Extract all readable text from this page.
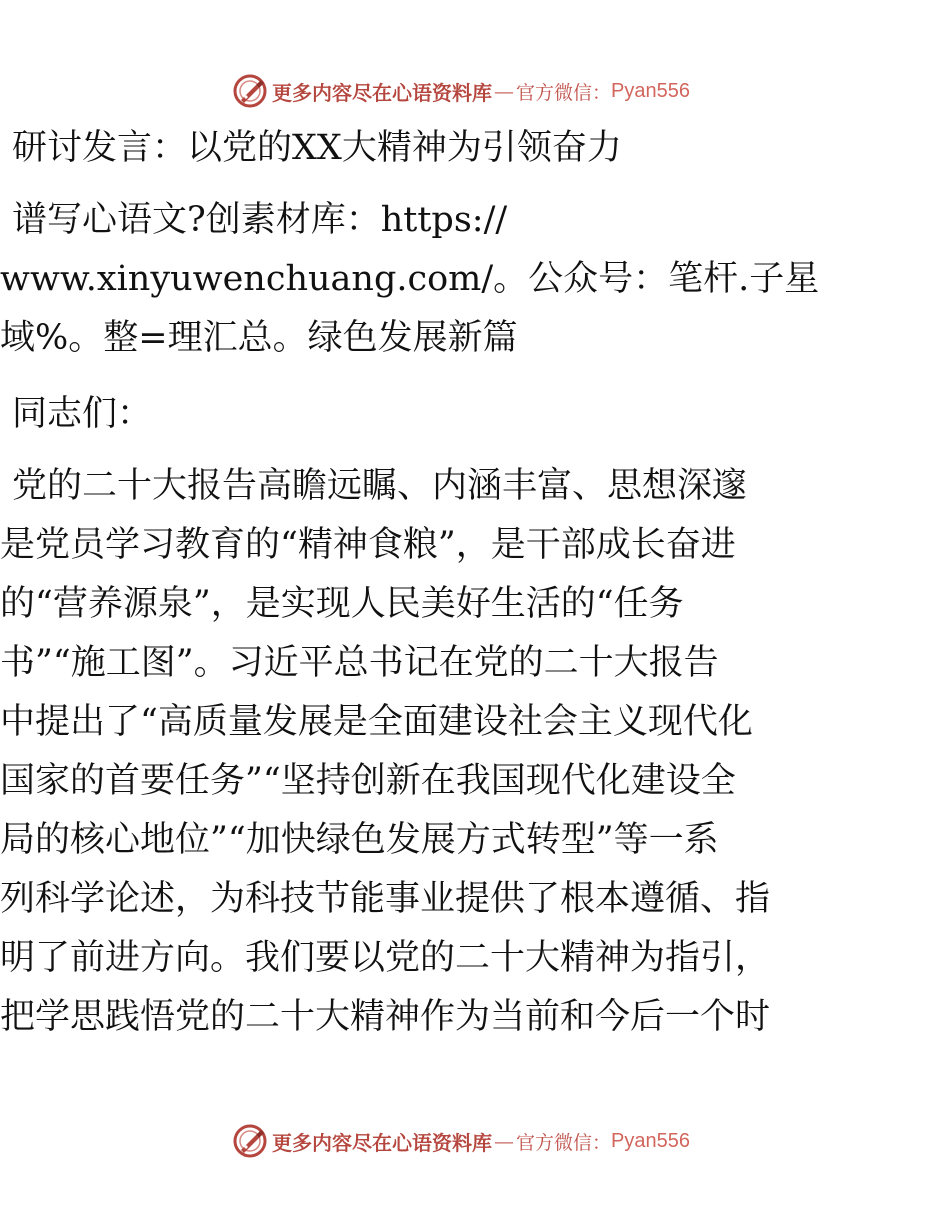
更多内容尽在心语资料库 — 官方微信： Pyan556
研讨发言：以党的XX大精神为引领奋力
谱写心语文?创素材库：https://
www.xinyuwenchuang.com/。公众号：笔杆.子星
域%。整=理汇总。绿色发展新篇
同志们：
党的二十大报告高瞻远瞩、内涵丰富、思想深邃
是党员学习教育的“精神食粮”，是干部成长奋进
的“营养源泉”，是实现人民美好生活的“任务
书”“施工图”。习近平总书记在党的二十大报告
中提出了“高质量发展是全面建设社会主义现代化
国家的首要任务”“坚持创新在我国现代化建设全
局的核心地位”“加快绿色发展方式转型”等一系
列科学论述，为科技节能事业提供了根本遵循、指
明了前进方向。我们要以党的二十大精神为指引，
把学思践悟党的二十大精神作为当前和今后一个时
更多内容尽在心语资料库 — 官方微信： Pyan556
